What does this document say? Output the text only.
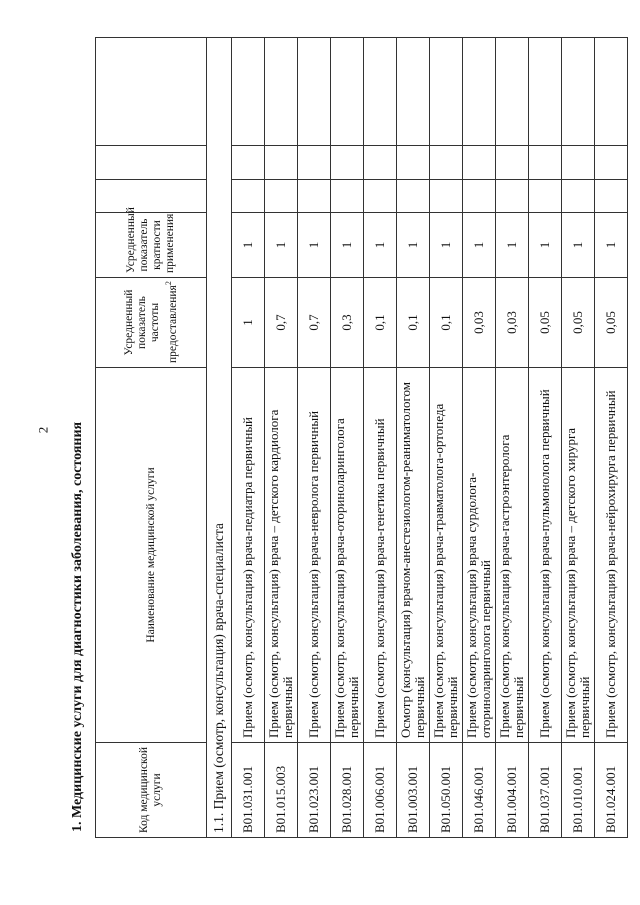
2 1. Медицинские услуги для диагностики заболевания, состояния	1.1. Прием (осмотр, консультация) врача-специалиста						
Код медицинской услуги	Наименование медицинской услуги	Усредненный показатель частоты предоставления$^2$	Усредненный показатель кратности применения			
В01.031.001	Прием (осмотр, консультация) врача-педиатра первичный	1	1			
В01.015.003	Прием (осмотр, консультация) врача – детского кардиолога первичный	0,7	1			
В01.023.001	Прием (осмотр, консультация) врача-невролога первичный	0,7	1			
В01.028.001	Прием (осмотр, консультация) врача-оториноларинголога первичный	0,3	1			
В01.006.001	Прием (осмотр, консультация) врача-генетика первичный	0,1	1			
В01.003.001	Осмотр (консультация) врачом-анестезиологом-реаниматологом первичный	0,1	1			
В01.050.001	Прием (осмотр, консультация) врача-травматолога-ортопеда первичный	0,1	1			
В01.046.001	Прием (осмотр, консультация) врача сурдолога-оториноларинголога первичный	0,03	1			
В01.004.001	Прием (осмотр, консультация) врача-гастроэнтеролога первичный	0,03	1			
В01.037.001	Прием (осмотр, консультация) врача-пульмонолога первичный	0,05	1			
В01.010.001	Прием (осмотр, консультация) врача – детского хирурга первичный	0,05	1			
В01.024.001	Прием (осмотр, консультация) врача-нейрохирурга первичный	0,05	1			
